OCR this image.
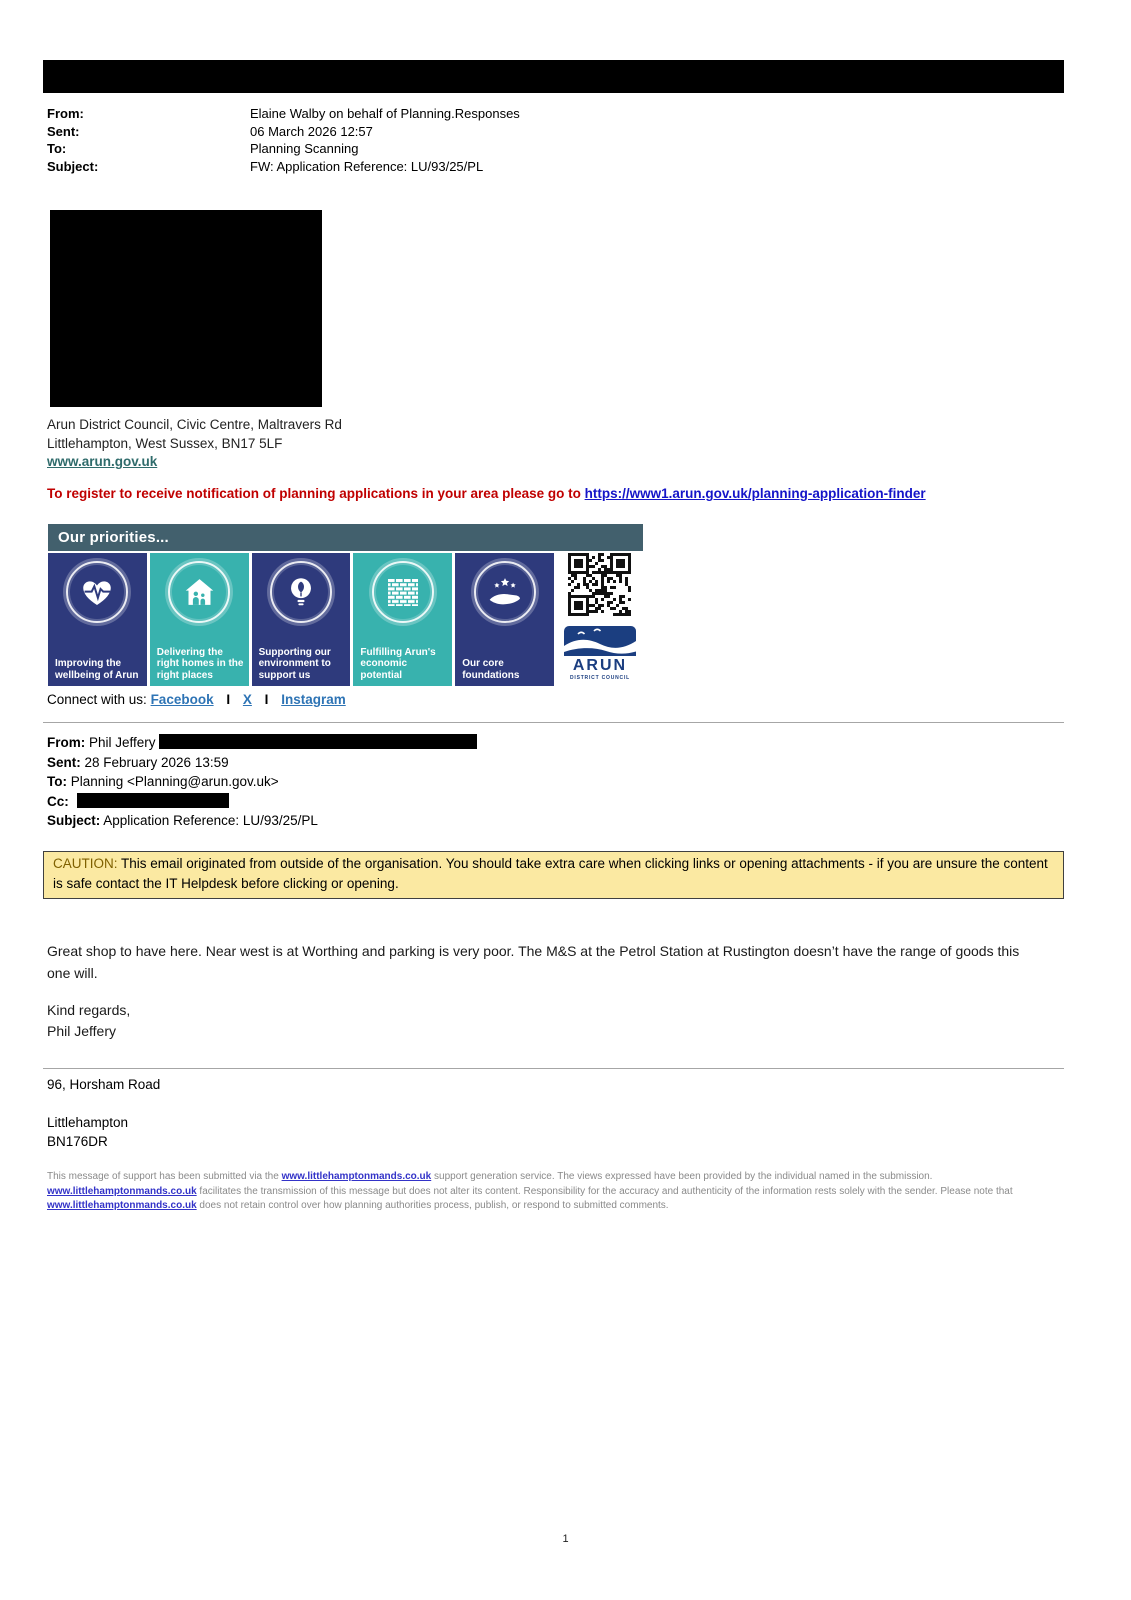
From:	Elaine Walby on behalf of Planning.Responses
Sent:	06 March 2026 12:57
To:	Planning Scanning
Subject:	FW: Application Reference: LU/93/25/PL
Arun District Council, Civic Centre, Maltravers Rd
Littlehampton, West Sussex, BN17 5LF
www.arun.gov.uk
To register to receive notification of planning applications in your area please go to https://www1.arun.gov.uk/planning-application-finder
Our priorities...
Improving the wellbeing of Arun
Delivering the right homes in the right places
Supporting our environment to support us
Fulfilling Arun's economic potential
Our core foundations
ARUN
DISTRICT COUNCIL
Connect with us: Facebook I X I Instagram
From: Phil Jeffery
Sent: 28 February 2026 13:59
To: Planning <Planning@arun.gov.uk>
Cc:
Subject: Application Reference: LU/93/25/PL
CAUTION: This email originated from outside of the organisation. You should take extra care when clicking links or opening attachments - if you are unsure the content is safe contact the IT Helpdesk before clicking or opening.
Great shop to have here. Near west is at Worthing and parking is very poor. The M&S at the Petrol Station at Rustington doesn’t have the range of goods this one will.
Kind regards,
Phil Jeffery
96, Horsham Road
Littlehampton
BN176DR
This message of support has been submitted via the www.littlehamptonmands.co.uk support generation service. The views expressed have been provided by the individual named in the submission. www.littlehamptonmands.co.uk facilitates the transmission of this message but does not alter its content. Responsibility for the accuracy and authenticity of the information rests solely with the sender. Please note that www.littlehamptonmands.co.uk does not retain control over how planning authorities process, publish, or respond to submitted comments.
1
